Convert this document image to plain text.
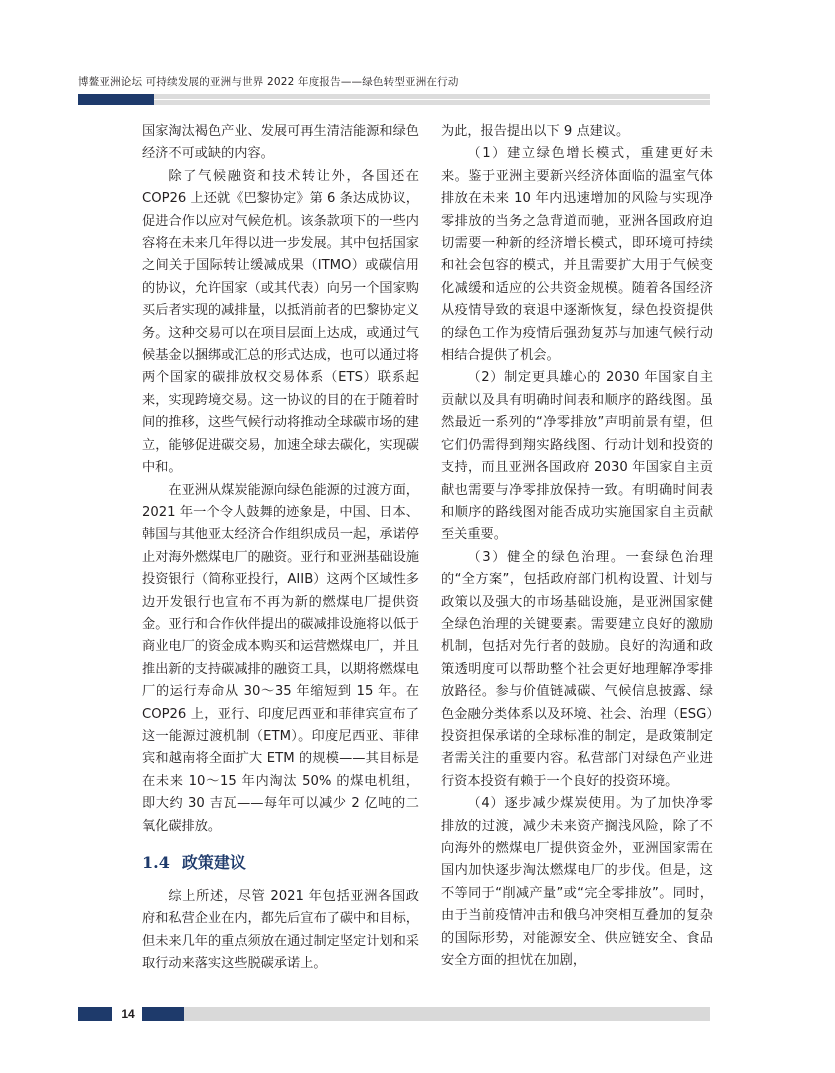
博鳌亚洲论坛 可持续发展的亚洲与世界 2022 年度报告——绿色转型亚洲在行动

国家淘汰褐色产业、发展可再生清洁能源和绿色经济不可或缺的内容。

除了气候融资和技术转让外，各国还在 COP26 上还就《巴黎协定》第 6 条达成协议，促进合作以应对气候危机。该条款项下的一些内容将在未来几年得以进一步发展。其中包括国家之间关于国际转让缓减成果（ITMO）或碳信用的协议，允许国家（或其代表）向另一个国家购买后者实现的减排量，以抵消前者的巴黎协定义务。这种交易可以在项目层面上达成，或通过气候基金以捆绑或汇总的形式达成，也可以通过将两个国家的碳排放权交易体系（ETS）联系起来，实现跨境交易。这一协议的目的在于随着时间的推移，这些气候行动将推动全球碳市场的建立，能够促进碳交易，加速全球去碳化，实现碳中和。

在亚洲从煤炭能源向绿色能源的过渡方面，2021 年一个令人鼓舞的迹象是，中国、日本、韩国与其他亚太经济合作组织成员一起，承诺停止对海外燃煤电厂的融资。亚行和亚洲基础设施投资银行（简称亚投行，AIIB）这两个区域性多边开发银行也宣布不再为新的燃煤电厂提供资金。亚行和合作伙伴提出的碳减排设施将以低于商业电厂的资金成本购买和运营燃煤电厂，并且推出新的支持碳减排的融资工具，以期将燃煤电厂的运行寿命从 30～35 年缩短到 15 年。在 COP26 上，亚行、印度尼西亚和菲律宾宣布了这一能源过渡机制（ETM）。印度尼西亚、菲律宾和越南将全面扩大 ETM 的规模——其目标是在未来 10～15 年内淘汰 50% 的煤电机组，即大约 30 吉瓦——每年可以减少 2 亿吨的二氧化碳排放。

1.4 政策建议

综上所述，尽管 2021 年包括亚洲各国政府和私营企业在内，都先后宣布了碳中和目标，但未来几年的重点须放在通过制定坚定计划和采取行动来落实这些脱碳承诺上。

为此，报告提出以下 9 点建议。

（1）建立绿色增长模式，重建更好未来。鉴于亚洲主要新兴经济体面临的温室气体排放在未来 10 年内迅速增加的风险与实现净零排放的当务之急背道而驰，亚洲各国政府迫切需要一种新的经济增长模式，即环境可持续和社会包容的模式，并且需要扩大用于气候变化减缓和适应的公共资金规模。随着各国经济从疫情导致的衰退中逐渐恢复，绿色投资提供的绿色工作为疫情后强劲复苏与加速气候行动相结合提供了机会。

（2）制定更具雄心的 2030 年国家自主贡献以及具有明确时间表和顺序的路线图。虽然最近一系列的“净零排放”声明前景有望，但它们仍需得到翔实路线图、行动计划和投资的支持，而且亚洲各国政府 2030 年国家自主贡献也需要与净零排放保持一致。有明确时间表和顺序的路线图对能否成功实施国家自主贡献至关重要。

（3）健全的绿色治理。一套绿色治理的“全方案”，包括政府部门机构设置、计划与政策以及强大的市场基础设施，是亚洲国家健全绿色治理的关键要素。需要建立良好的激励机制，包括对先行者的鼓励。良好的沟通和政策透明度可以帮助整个社会更好地理解净零排放路径。参与价值链减碳、气候信息披露、绿色金融分类体系以及环境、社会、治理（ESG）投资担保承诺的全球标准的制定，是政策制定者需关注的重要内容。私营部门对绿色产业进行资本投资有赖于一个良好的投资环境。

（4）逐步减少煤炭使用。为了加快净零排放的过渡，减少未来资产搁浅风险，除了不向海外的燃煤电厂提供资金外，亚洲国家需在国内加快逐步淘汰燃煤电厂的步伐。但是，这不等同于“削减产量”或“完全零排放”。同时，由于当前疫情冲击和俄乌冲突相互叠加的复杂的国际形势，对能源安全、供应链安全、食品安全方面的担忧在加剧，

14
